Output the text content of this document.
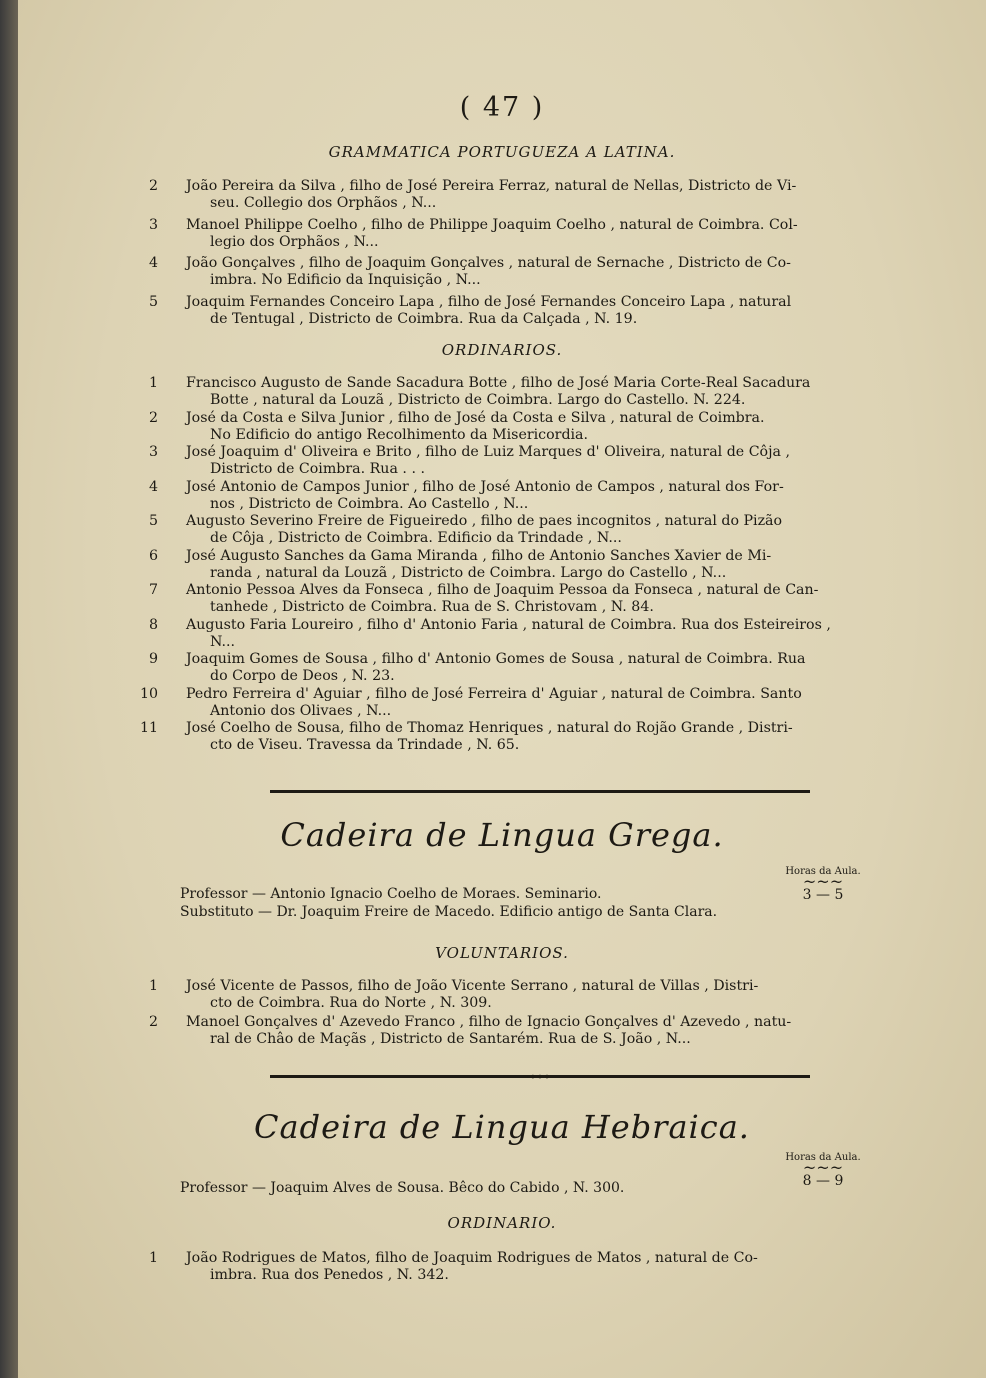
( 47 )
GRAMMATICA PORTUGUEZA A LATINA.
2 João Pereira da Silva , filho de José Pereira Ferraz, natural de Nellas, Districto de Vi-
seu. Collegio dos Orphãos , N...
3 Manoel Philippe Coelho , filho de Philippe Joaquim Coelho , natural de Coimbra. Col-
legio dos Orphãos , N...
4 João Gonçalves , filho de Joaquim Gonçalves , natural de Sernache , Districto de Co-
imbra. No Edificio da Inquisição , N...
5 Joaquim Fernandes Conceiro Lapa , filho de José Fernandes Conceiro Lapa , natural
de Tentugal , Districto de Coimbra. Rua da Calçada , N. 19.
ORDINARIOS.
1 Francisco Augusto de Sande Sacadura Botte , filho de José Maria Corte-Real Sacadura
Botte , natural da Louzã , Districto de Coimbra. Largo do Castello. N. 224.
2 José da Costa e Silva Junior , filho de José da Costa e Silva , natural de Coimbra.
No Edificio do antigo Recolhimento da Misericordia.
3 José Joaquim d' Oliveira e Brito , filho de Luiz Marques d' Oliveira, natural de Côja ,
Districto de Coimbra. Rua . . .
4 José Antonio de Campos Junior , filho de José Antonio de Campos , natural dos For-
nos , Districto de Coimbra. Ao Castello , N...
5 Augusto Severino Freire de Figueiredo , filho de paes incognitos , natural do Pizão
de Côja , Districto de Coimbra. Edificio da Trindade , N...
6 José Augusto Sanches da Gama Miranda , filho de Antonio Sanches Xavier de Mi-
randa , natural da Louzã , Districto de Coimbra. Largo do Castello , N...
7 Antonio Pessoa Alves da Fonseca , filho de Joaquim Pessoa da Fonseca , natural de Can-
tanhede , Districto de Coimbra. Rua de S. Christovam , N. 84.
8 Augusto Faria Loureiro , filho d' Antonio Faria , natural de Coimbra. Rua dos Esteireiros ,
N...
9 Joaquim Gomes de Sousa , filho d' Antonio Gomes de Sousa , natural de Coimbra. Rua
do Corpo de Deos , N. 23.
10 Pedro Ferreira d' Aguiar , filho de José Ferreira d' Aguiar , natural de Coimbra. Santo
Antonio dos Olivaes , N...
11 José Coelho de Sousa, filho de Thomaz Henriques , natural do Rojão Grande , Distri-
cto de Viseu. Travessa da Trindade , N. 65.
Cadeira de Lingua Grega.
Horas da Aula.
~~~
3 — 5
Professor — Antonio Ignacio Coelho de Moraes. Seminario.
Substituto — Dr. Joaquim Freire de Macedo. Edificio antigo de Santa Clara.
VOLUNTARIOS.
1 José Vicente de Passos, filho de João Vicente Serrano , natural de Villas , Distri-
cto de Coimbra. Rua do Norte , N. 309.
2 Manoel Gonçalves d' Azevedo Franco , filho de Ignacio Gonçalves d' Azevedo , natu-
ral de Châo de Maçãs , Districto de Santarém. Rua de S. João , N...
◦◦◦
Cadeira de Lingua Hebraica.
Horas da Aula.
~~~
8 — 9
Professor — Joaquim Alves de Sousa. Bêco do Cabido , N. 300.
ORDINARIO.
1 João Rodrigues de Matos, filho de Joaquim Rodrigues de Matos , natural de Co-
imbra. Rua dos Penedos , N. 342.
